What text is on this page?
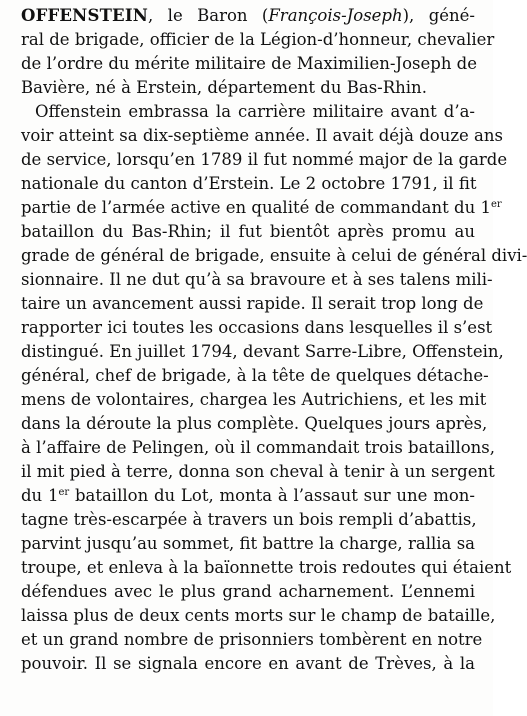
OFFENSTEIN, le Baron (François-Joseph), géné-
ral de brigade, officier de la Légion-d’honneur, chevalier
de l’ordre du mérite militaire de Maximilien-Joseph de
Bavière, né à Erstein, département du Bas-Rhin.
Offenstein embrassa la carrière militaire avant d’a-
voir atteint sa dix-septième année. Il avait déjà douze ans
de service, lorsqu’en 1789 il fut nommé major de la garde
nationale du canton d’Erstein. Le 2 octobre 1791, il fit
partie de l’armée active en qualité de commandant du 1er
bataillon du Bas-Rhin; il fut bientôt après promu au
grade de général de brigade, ensuite à celui de général divi-
sionnaire. Il ne dut qu’à sa bravoure et à ses talens mili-
taire un avancement aussi rapide. Il serait trop long de
rapporter ici toutes les occasions dans lesquelles il s’est
distingué. En juillet 1794, devant Sarre-Libre, Offenstein,
général, chef de brigade, à la tête de quelques détache-
mens de volontaires, chargea les Autrichiens, et les mit
dans la déroute la plus complète. Quelques jours après,
à l’affaire de Pelingen, où il commandait trois bataillons,
il mit pied à terre, donna son cheval à tenir à un sergent
du 1er bataillon du Lot, monta à l’assaut sur une mon-
tagne très-escarpée à travers un bois rempli d’abattis,
parvint jusqu’au sommet, fit battre la charge, rallia sa
troupe, et enleva à la baïonnette trois redoutes qui étaient
défendues avec le plus grand acharnement. L’ennemi
laissa plus de deux cents morts sur le champ de bataille,
et un grand nombre de prisonniers tombèrent en notre
pouvoir. Il se signala encore en avant de Trèves, à la
